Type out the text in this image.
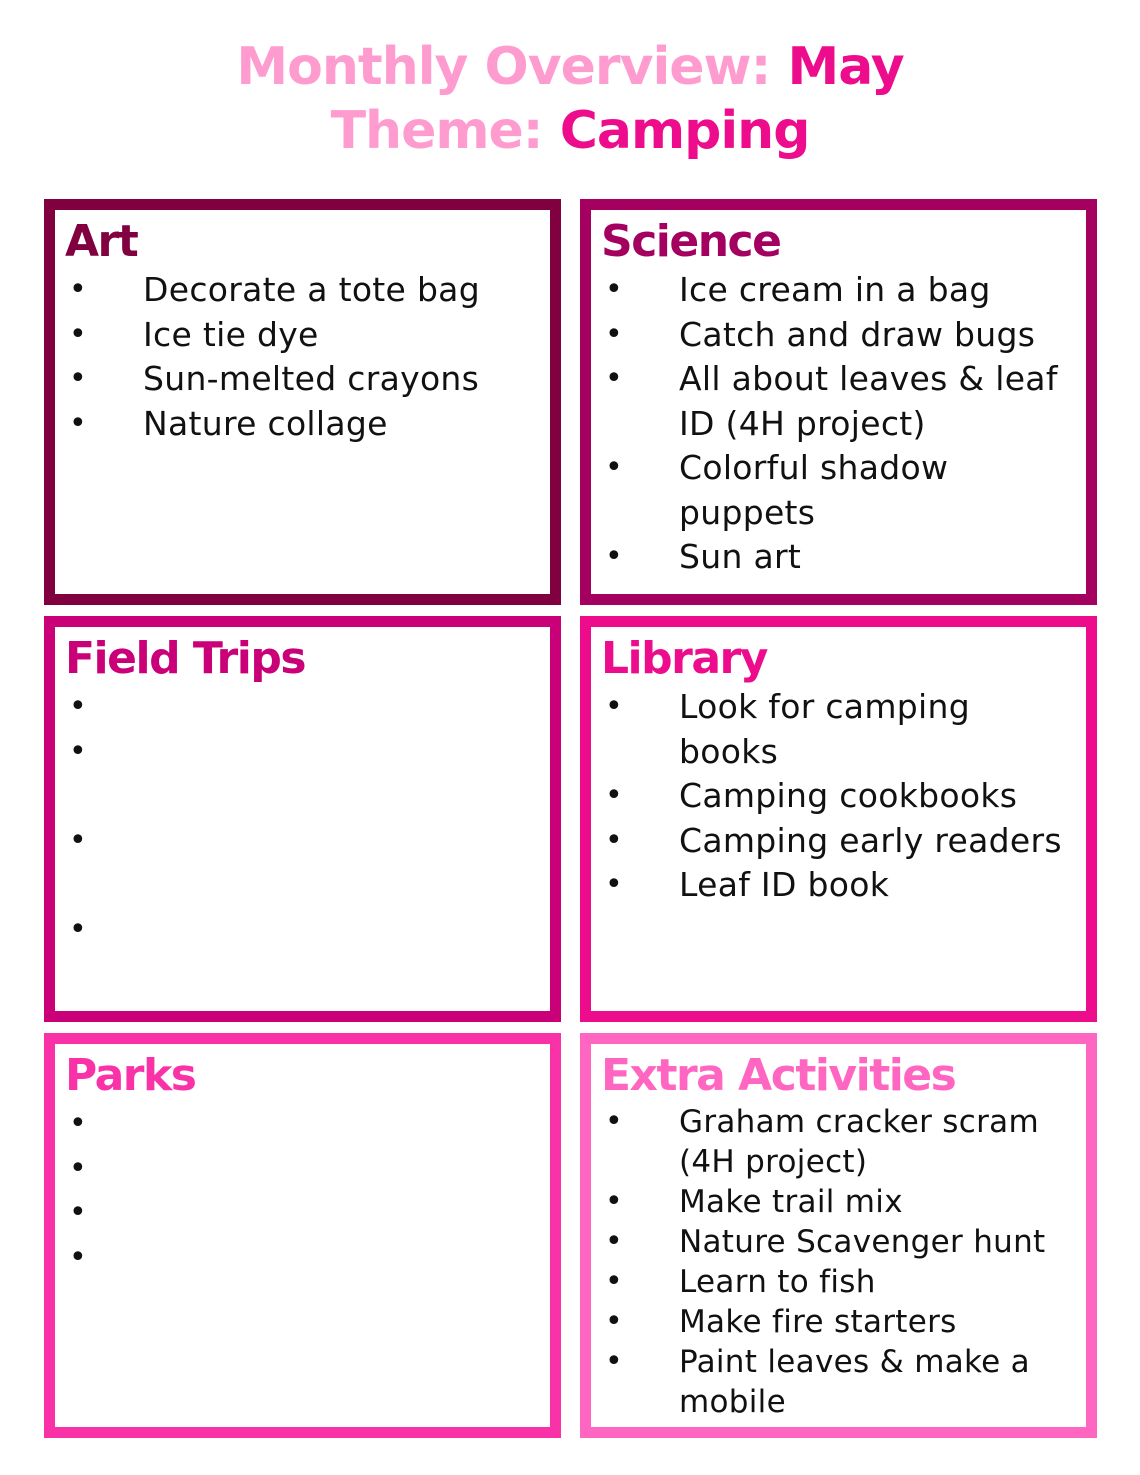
Monthly Overview: May
Theme: Camping
Art
• Decorate a tote bag
• Ice tie dye
• Sun-melted crayons
• Nature collage
Science
• Ice cream in a bag
• Catch and draw bugs
• All about leaves & leaf ID (4H project)
• Colorful shadow puppets
• Sun art
Field Trips
•
•
•
•
Library
• Look for camping books
• Camping cookbooks
• Camping early readers
• Leaf ID book
Parks
•
•
•
•
Extra Activities
• Graham cracker scram (4H project)
• Make trail mix
• Nature Scavenger hunt
• Learn to fish
• Make fire starters
• Paint leaves & make a mobile
